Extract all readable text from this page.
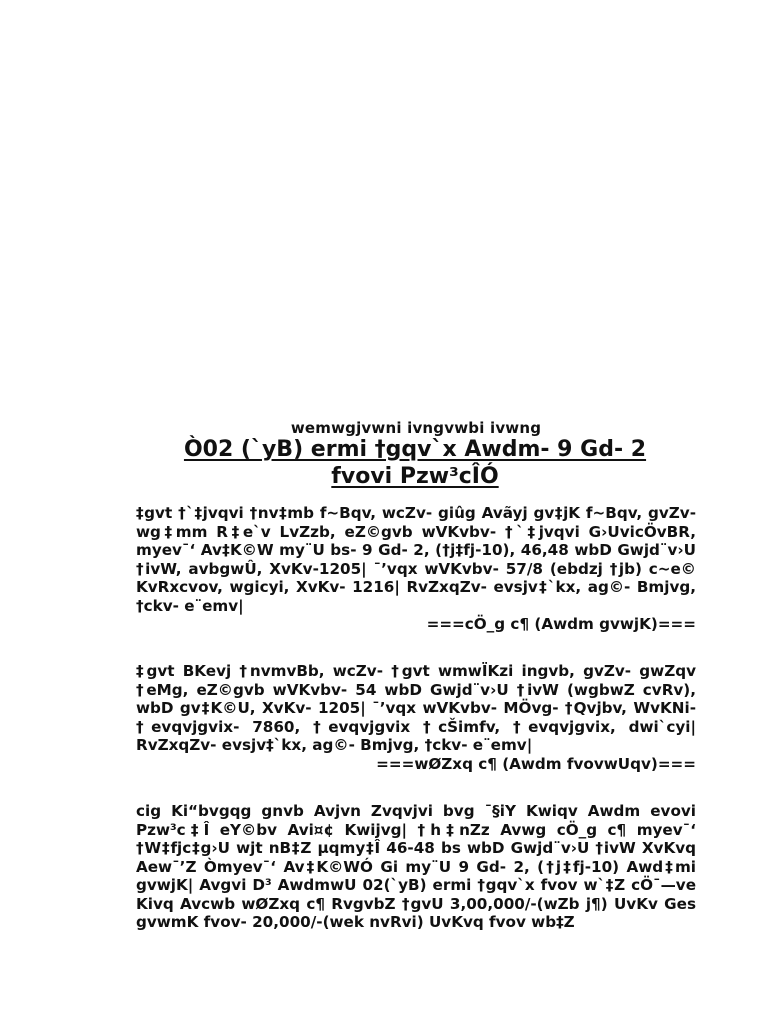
wemwgjvwni ivngvwbi ivwng
Ò02 (`yB) ermi †gqv`x Awdm- 9 Gd- 2
fvovi Pzw³cÎÓ
‡gvt †`‡jvqvi †nv‡mb f~Bqv, wcZv- giûg Avãyj gv‡jK f~Bqv, gvZv- wg‡mm R‡e`v LvZzb, eZ©gvb wVKvbv- †`‡jvqvi G›UvicÖvBR, myev¯‘ Av‡K©W my¨U bs- 9 Gd- 2, (†j‡fj-10), 46,48 wbD Gwjd¨v›U †ivW, avbgwÛ, XvKv-1205| ¯’vqx wVKvbv- 57/8 (ebdzj †jb) c~e© KvRxcvov, wgicyi, XvKv- 1216| RvZxqZv- evsjv‡`kx, ag©- Bmjvg, †ckv- e¨emv|
===cÖ_g c¶ (Awdm gvwjK)===
‡gvt BKevj †nvmvBb, wcZv- †gvt wmwÏKzi ingvb, gvZv- gwZqv †eMg, eZ©gvb wVKvbv- 54 wbD Gwjd¨v›U †ivW (wgbwZ cvRv), wbD gv‡K©U, XvKv- 1205| ¯’vqx wVKvbv- MÖvg- †Qvjbv, WvKNi- †evqvjgvix- 7860, †evqvjgvix †cŠimfv, †evqvjgvix, dwi`cyi| RvZxqZv- evsjv‡`kx, ag©- Bmjvg, †ckv- e¨emv|
===wØZxq c¶ (Awdm fvovwUqv)===
cig Ki“bvgqg gnvb Avjvn Zvqvjvi bvg ¯§iY Kwiqv Awdm evovi Pzw³c‡Î eY©bv Avi¤¢ Kwijvg| †h‡nZz Avwg cÖ_g c¶ myev¯‘ †W‡fjc‡g›U wjt nB‡Z µqmy‡Î 46-48 bs wbD Gwjd¨v›U †ivW XvKvq Aew¯’Z Òmyev¯‘ Av‡K©WÓ Gi my¨U 9 Gd- 2, (†j‡fj-10) Awd‡mi gvwjK| Avgvi D³ AwdmwU 02(`yB) ermi †gqv`x fvov w`‡Z cÖ¯—ve Kivq Avcwb wØZxq c¶ RvgvbZ †gvU 3,00,000/-(wZb j¶) UvKv Ges gvwmK fvov- 20,000/-(wek nvRvi) UvKvq fvov wb‡Z
